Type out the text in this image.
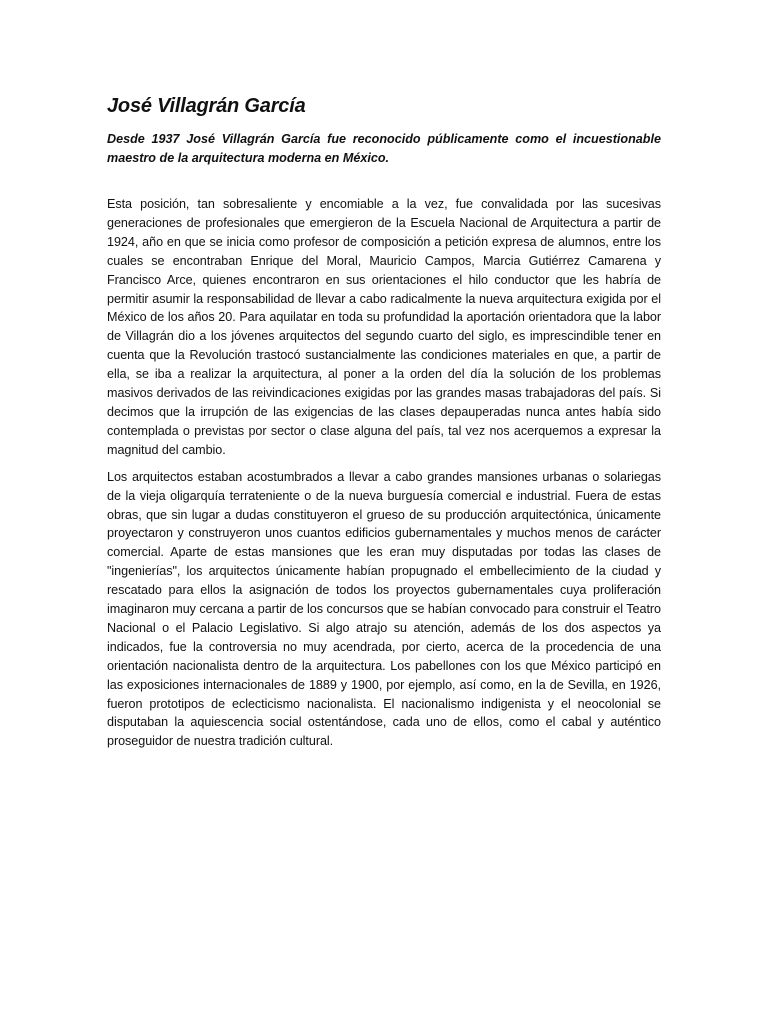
José Villagrán García

Desde 1937 José Villagrán García fue reconocido públicamente como el incuestionable maestro de la arquitectura moderna en México.

Esta posición, tan sobresaliente y encomiable a la vez, fue convalidada por las sucesivas generaciones de profesionales que emergieron de la Escuela Nacional de Arquitectura a partir de 1924, año en que se inicia como profesor de composición a petición expresa de alumnos, entre los cuales se encontraban Enrique del Moral, Mauricio Campos, Marcia Gutiérrez Camarena y Francisco Arce, quienes encontraron en sus orientaciones el hilo conductor que les habría de permitir asumir la responsabilidad de llevar a cabo radicalmente la nueva arquitectura exigida por el México de los años 20. Para aquilatar en toda su profundidad la aportación orientadora que la labor de Villagrán dio a los jóvenes arquitectos del segundo cuarto del siglo, es imprescindible tener en cuenta que la Revolución trastocó sustancialmente las condiciones materiales en que, a partir de ella, se iba a realizar la arquitectura, al poner a la orden del día la solución de los problemas masivos derivados de las reivindicaciones exigidas por las grandes masas trabajadoras del país. Si decimos que la irrupción de las exigencias de las clases depauperadas nunca antes había sido contemplada o previstas por sector o clase alguna del país, tal vez nos acerquemos a expresar la magnitud del cambio.

Los arquitectos estaban acostumbrados a llevar a cabo grandes mansiones urbanas o solariegas de la vieja oligarquía terrateniente o de la nueva burguesía comercial e industrial. Fuera de estas obras, que sin lugar a dudas constituyeron el grueso de su producción arquitectónica, únicamente proyectaron y construyeron unos cuantos edificios gubernamentales y muchos menos de carácter comercial. Aparte de estas mansiones que les eran muy disputadas por todas las clases de "ingenierías", los arquitectos únicamente habían propugnado el embellecimiento de la ciudad y rescatado para ellos la asignación de todos los proyectos gubernamentales cuya proliferación imaginaron muy cercana a partir de los concursos que se habían convocado para construir el Teatro Nacional o el Palacio Legislativo. Si algo atrajo su atención, además de los dos aspectos ya indicados, fue la controversia no muy acendrada, por cierto, acerca de la procedencia de una orientación nacionalista dentro de la arquitectura. Los pabellones con los que México participó en las exposiciones internacionales de 1889 y 1900, por ejemplo, así como, en la de Sevilla, en 1926, fueron prototipos de eclecticismo nacionalista. El nacionalismo indigenista y el neocolonial se disputaban la aquiescencia social ostentándose, cada uno de ellos, como el cabal y auténtico proseguidor de nuestra tradición cultural.
